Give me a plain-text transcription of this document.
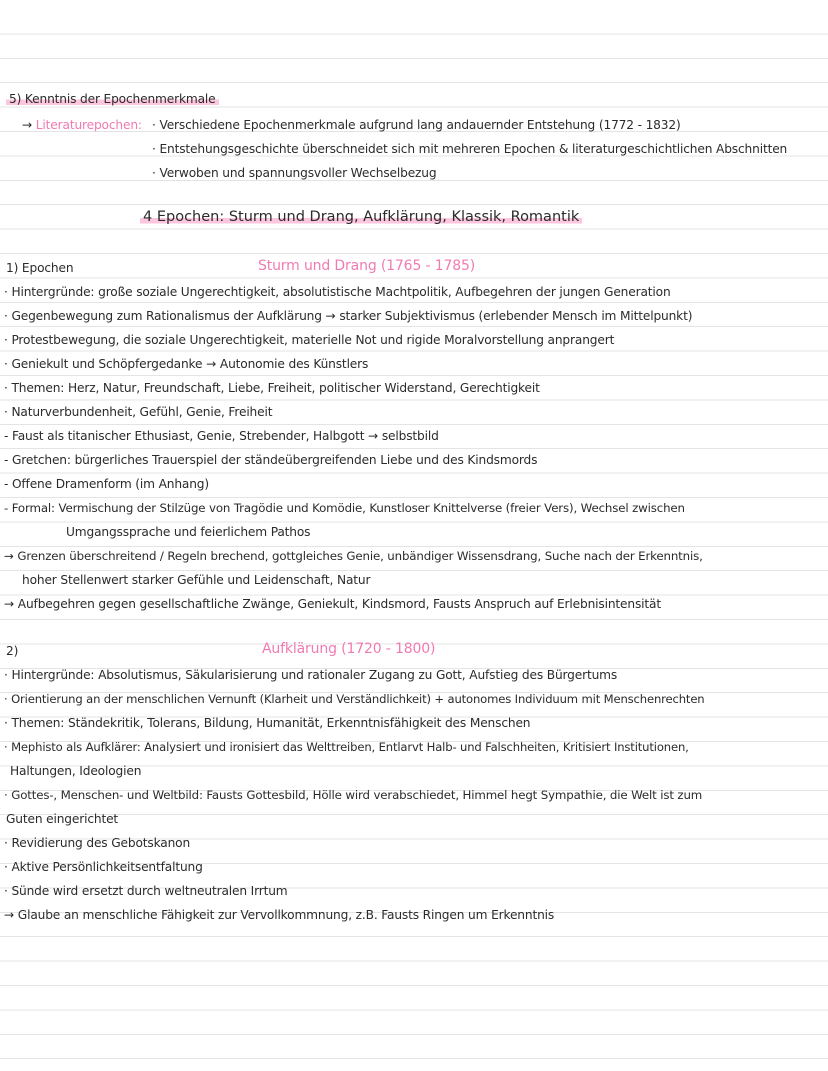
5) Kenntnis der Epochenmerkmale
→ Literaturepochen: · Verschiedene Epochenmerkmale aufgrund lang andauernder Entstehung (1772 - 1832)
· Entstehungsgeschichte überschneidet sich mit mehreren Epochen & literaturgeschichtlichen Abschnitten
· Verwoben und spannungsvoller Wechselbezug
4 Epochen: Sturm und Drang, Aufklärung, Klassik, Romantik
1) Epochen	Sturm und Drang (1765 - 1785)
· Hintergründe: große soziale Ungerechtigkeit, absolutistische Machtpolitik, Aufbegehren der jungen Generation
· Gegenbewegung zum Rationalismus der Aufklärung → starker Subjektivismus (erlebender Mensch im Mittelpunkt)
· Protestbewegung, die soziale Ungerechtigkeit, materielle Not und rigide Moralvorstellung anprangert
· Geniekult und Schöpfergedanke → Autonomie des Künstlers
· Themen: Herz, Natur, Freundschaft, Liebe, Freiheit, politischer Widerstand, Gerechtigkeit
· Naturverbundenheit, Gefühl, Genie, Freiheit
- Faust als titanischer Ethusiast, Genie, Strebender, Halbgott → selbstbild
- Gretchen: bürgerliches Trauerspiel der ständeübergreifenden Liebe und des Kindsmords
- Offene Dramenform (im Anhang)
- Formal: Vermischung der Stilzüge von Tragödie und Komödie, Kunstloser Knittelverse (freier Vers), Wechsel zwischen
Umgangssprache und feierlichem Pathos
→ Grenzen überschreitend / Regeln brechend, gottgleiches Genie, unbändiger Wissensdrang, Suche nach der Erkenntnis,
hoher Stellenwert starker Gefühle und Leidenschaft, Natur
→ Aufbegehren gegen gesellschaftliche Zwänge, Geniekult, Kindsmord, Fausts Anspruch auf Erlebnisintensität
2)	Aufklärung (1720 - 1800)
· Hintergründe: Absolutismus, Säkularisierung und rationaler Zugang zu Gott, Aufstieg des Bürgertums
· Orientierung an der menschlichen Vernunft (Klarheit und Verständlichkeit) + autonomes Individuum mit Menschenrechten
· Themen: Ständekritik, Tolerans, Bildung, Humanität, Erkenntnisfähigkeit des Menschen
· Mephisto als Aufklärer: Analysiert und ironisiert das Welttreiben, Entlarvt Halb- und Falschheiten, Kritisiert Institutionen,
Haltungen, Ideologien
· Gottes-, Menschen- und Weltbild: Fausts Gottesbild, Hölle wird verabschiedet, Himmel hegt Sympathie, die Welt ist zum
Guten eingerichtet
· Revidierung des Gebotskanon
· Aktive Persönlichkeitsentfaltung
· Sünde wird ersetzt durch weltneutralen Irrtum
→ Glaube an menschliche Fähigkeit zur Vervollkommnung, z.B. Fausts Ringen um Erkenntnis
